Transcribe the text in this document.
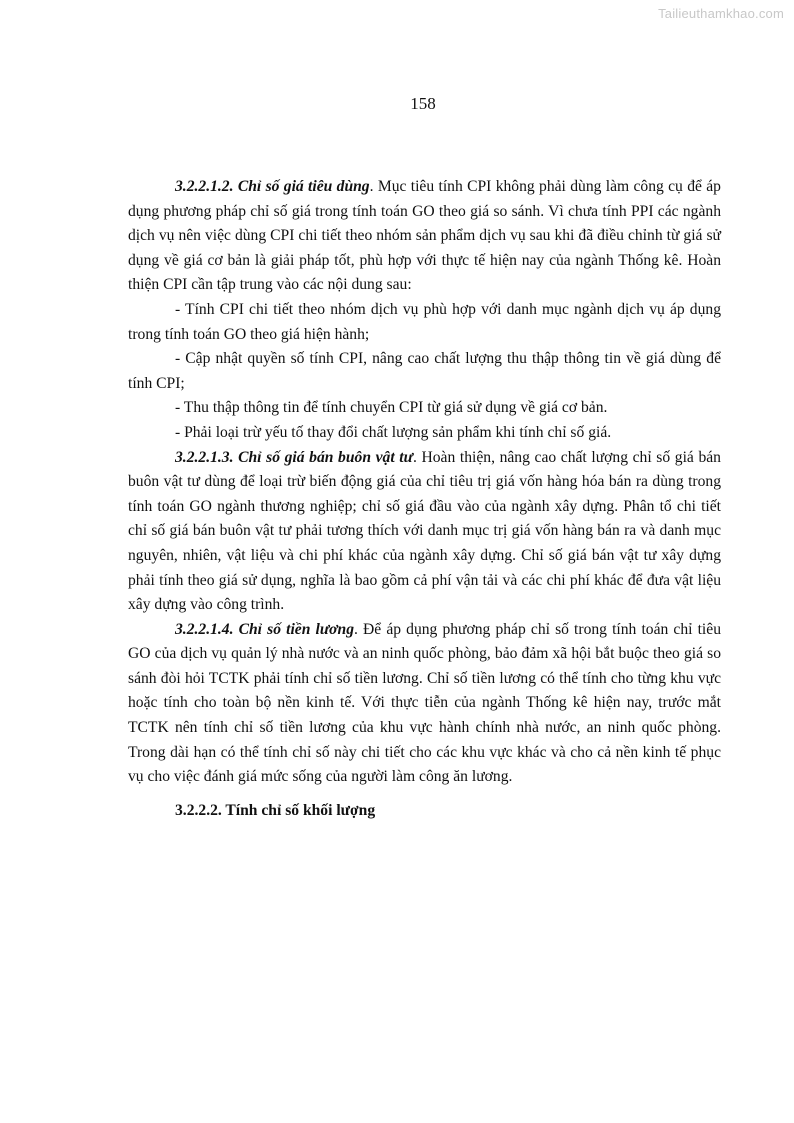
Tailieuthamkhao.com
158

3.2.2.1.2. Chỉ số giá tiêu dùng. Mục tiêu tính CPI không phải dùng làm công cụ để áp dụng phương pháp chỉ số giá trong tính toán GO theo giá so sánh. Vì chưa tính PPI các ngành dịch vụ nên việc dùng CPI chi tiết theo nhóm sản phẩm dịch vụ sau khi đã điều chỉnh từ giá sử dụng về giá cơ bản là giải pháp tốt, phù hợp với thực tế hiện nay của ngành Thống kê. Hoàn thiện CPI cần tập trung vào các nội dung sau:

- Tính CPI chi tiết theo nhóm dịch vụ phù hợp với danh mục ngành dịch vụ áp dụng trong tính toán GO theo giá hiện hành;

- Cập nhật quyền số tính CPI, nâng cao chất lượng thu thập thông tin về giá dùng để tính CPI;

- Thu thập thông tin để tính chuyển CPI từ giá sử dụng về giá cơ bản.

- Phải loại trừ yếu tố thay đổi chất lượng sản phẩm khi tính chỉ số giá.

3.2.2.1.3. Chỉ số giá bán buôn vật tư. Hoàn thiện, nâng cao chất lượng chỉ số giá bán buôn vật tư dùng để loại trừ biến động giá của chỉ tiêu trị giá vốn hàng hóa bán ra dùng trong tính toán GO ngành thương nghiệp; chỉ số giá đầu vào của ngành xây dựng. Phân tổ chi tiết chỉ số giá bán buôn vật tư phải tương thích với danh mục trị giá vốn hàng bán ra và danh mục nguyên, nhiên, vật liệu và chi phí khác của ngành xây dựng. Chỉ số giá bán vật tư xây dựng phải tính theo giá sử dụng, nghĩa là bao gồm cả phí vận tải và các chi phí khác để đưa vật liệu xây dựng vào công trình.

3.2.2.1.4. Chỉ số tiền lương. Để áp dụng phương pháp chỉ số trong tính toán chỉ tiêu GO của dịch vụ quản lý nhà nước và an ninh quốc phòng, bảo đảm xã hội bắt buộc theo giá so sánh đòi hỏi TCTK phải tính chỉ số tiền lương. Chỉ số tiền lương có thể tính cho từng khu vực hoặc tính cho toàn bộ nền kinh tế. Với thực tiễn của ngành Thống kê hiện nay, trước mắt TCTK nên tính chỉ số tiền lương của khu vực hành chính nhà nước, an ninh quốc phòng. Trong dài hạn có thể tính chỉ số này chi tiết cho các khu vực khác và cho cả nền kinh tế phục vụ cho việc đánh giá mức sống của người làm công ăn lương.

3.2.2.2. Tính chỉ số khối lượng
